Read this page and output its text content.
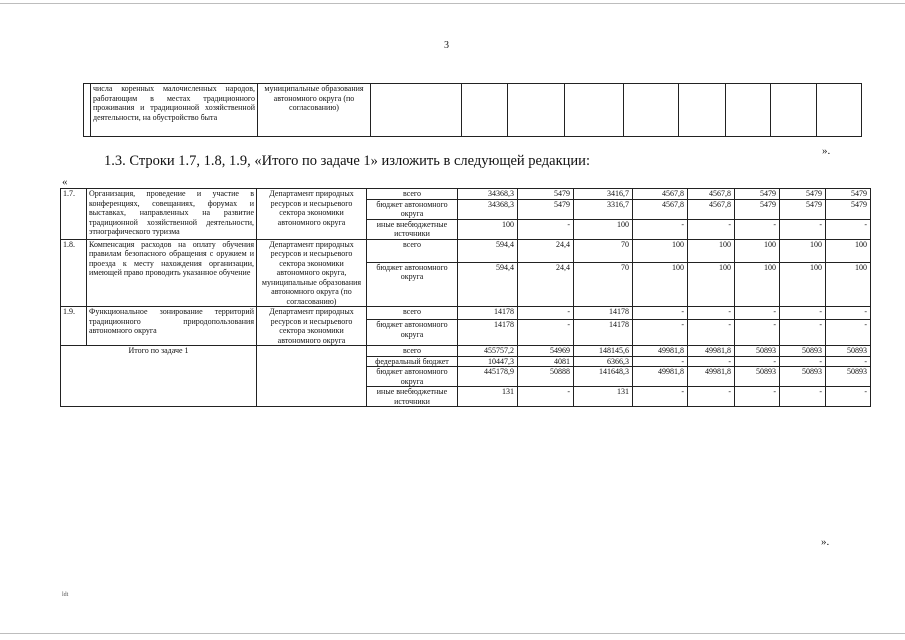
3
	числа коренных малочисленных народов, работающим в местах традиционного проживания и традиционной хозяйственной деятельности, на обустройство быта	муниципальные образования автономного округа (по согласованию)									
».
1.3. Строки 1.7, 1.8, 1.9, «Итого по задаче 1» изложить в следующей редакции:
«
1.7.	Организация, проведение и участие в конференциях, совещаниях, форумах и выставках, направленных на развитие традиционной хозяйственной деятельности, этнографического туризма	Департамент природных ресурсов и несырьевого сектора экономики автономного округа	всего	34368,3	5479	3416,7	4567,8	4567,8	5479	5479	5479
			бюджет автономного округа	34368,3	5479	3316,7	4567,8	4567,8	5479	5479	5479
			иные внебюджетные источники	100	-	100	-	-	-	-	-
1.8.	Компенсация расходов на оплату обучения правилам безопасного обращения с оружием и проезда к месту нахождения организации, имеющей право проводить указанное обучение	Департамент природных ресурсов и несырьевого сектора экономики автономного округа, муниципальные образования автономного округа (по согласованию)	всего	594,4	24,4	70	100	100	100	100	100
			бюджет автономного округа	594,4	24,4	70	100	100	100	100	100
1.9.	Функциональное зонирование территорий традиционного природопользования автономного округа	Департамент природных ресурсов и несырьевого сектора экономики автономного округа	всего	14178	-	14178	-	-	-	-	-
			бюджет автономного округа	14178	-	14178	-	-	-	-	-
Итого по задаче 1			всего	455757,2	54969	148145,6	49981,8	49981,8	50893	50893	50893
			федеральный бюджет	10447,3	4081	6366,3	-	-	-	-	-
			бюджет автономного округа	445178,9	50888	141648,3	49981,8	49981,8	50893	50893	50893
			иные внебюджетные источники	131	-	131	-	-	-	-	-
».
ldt
